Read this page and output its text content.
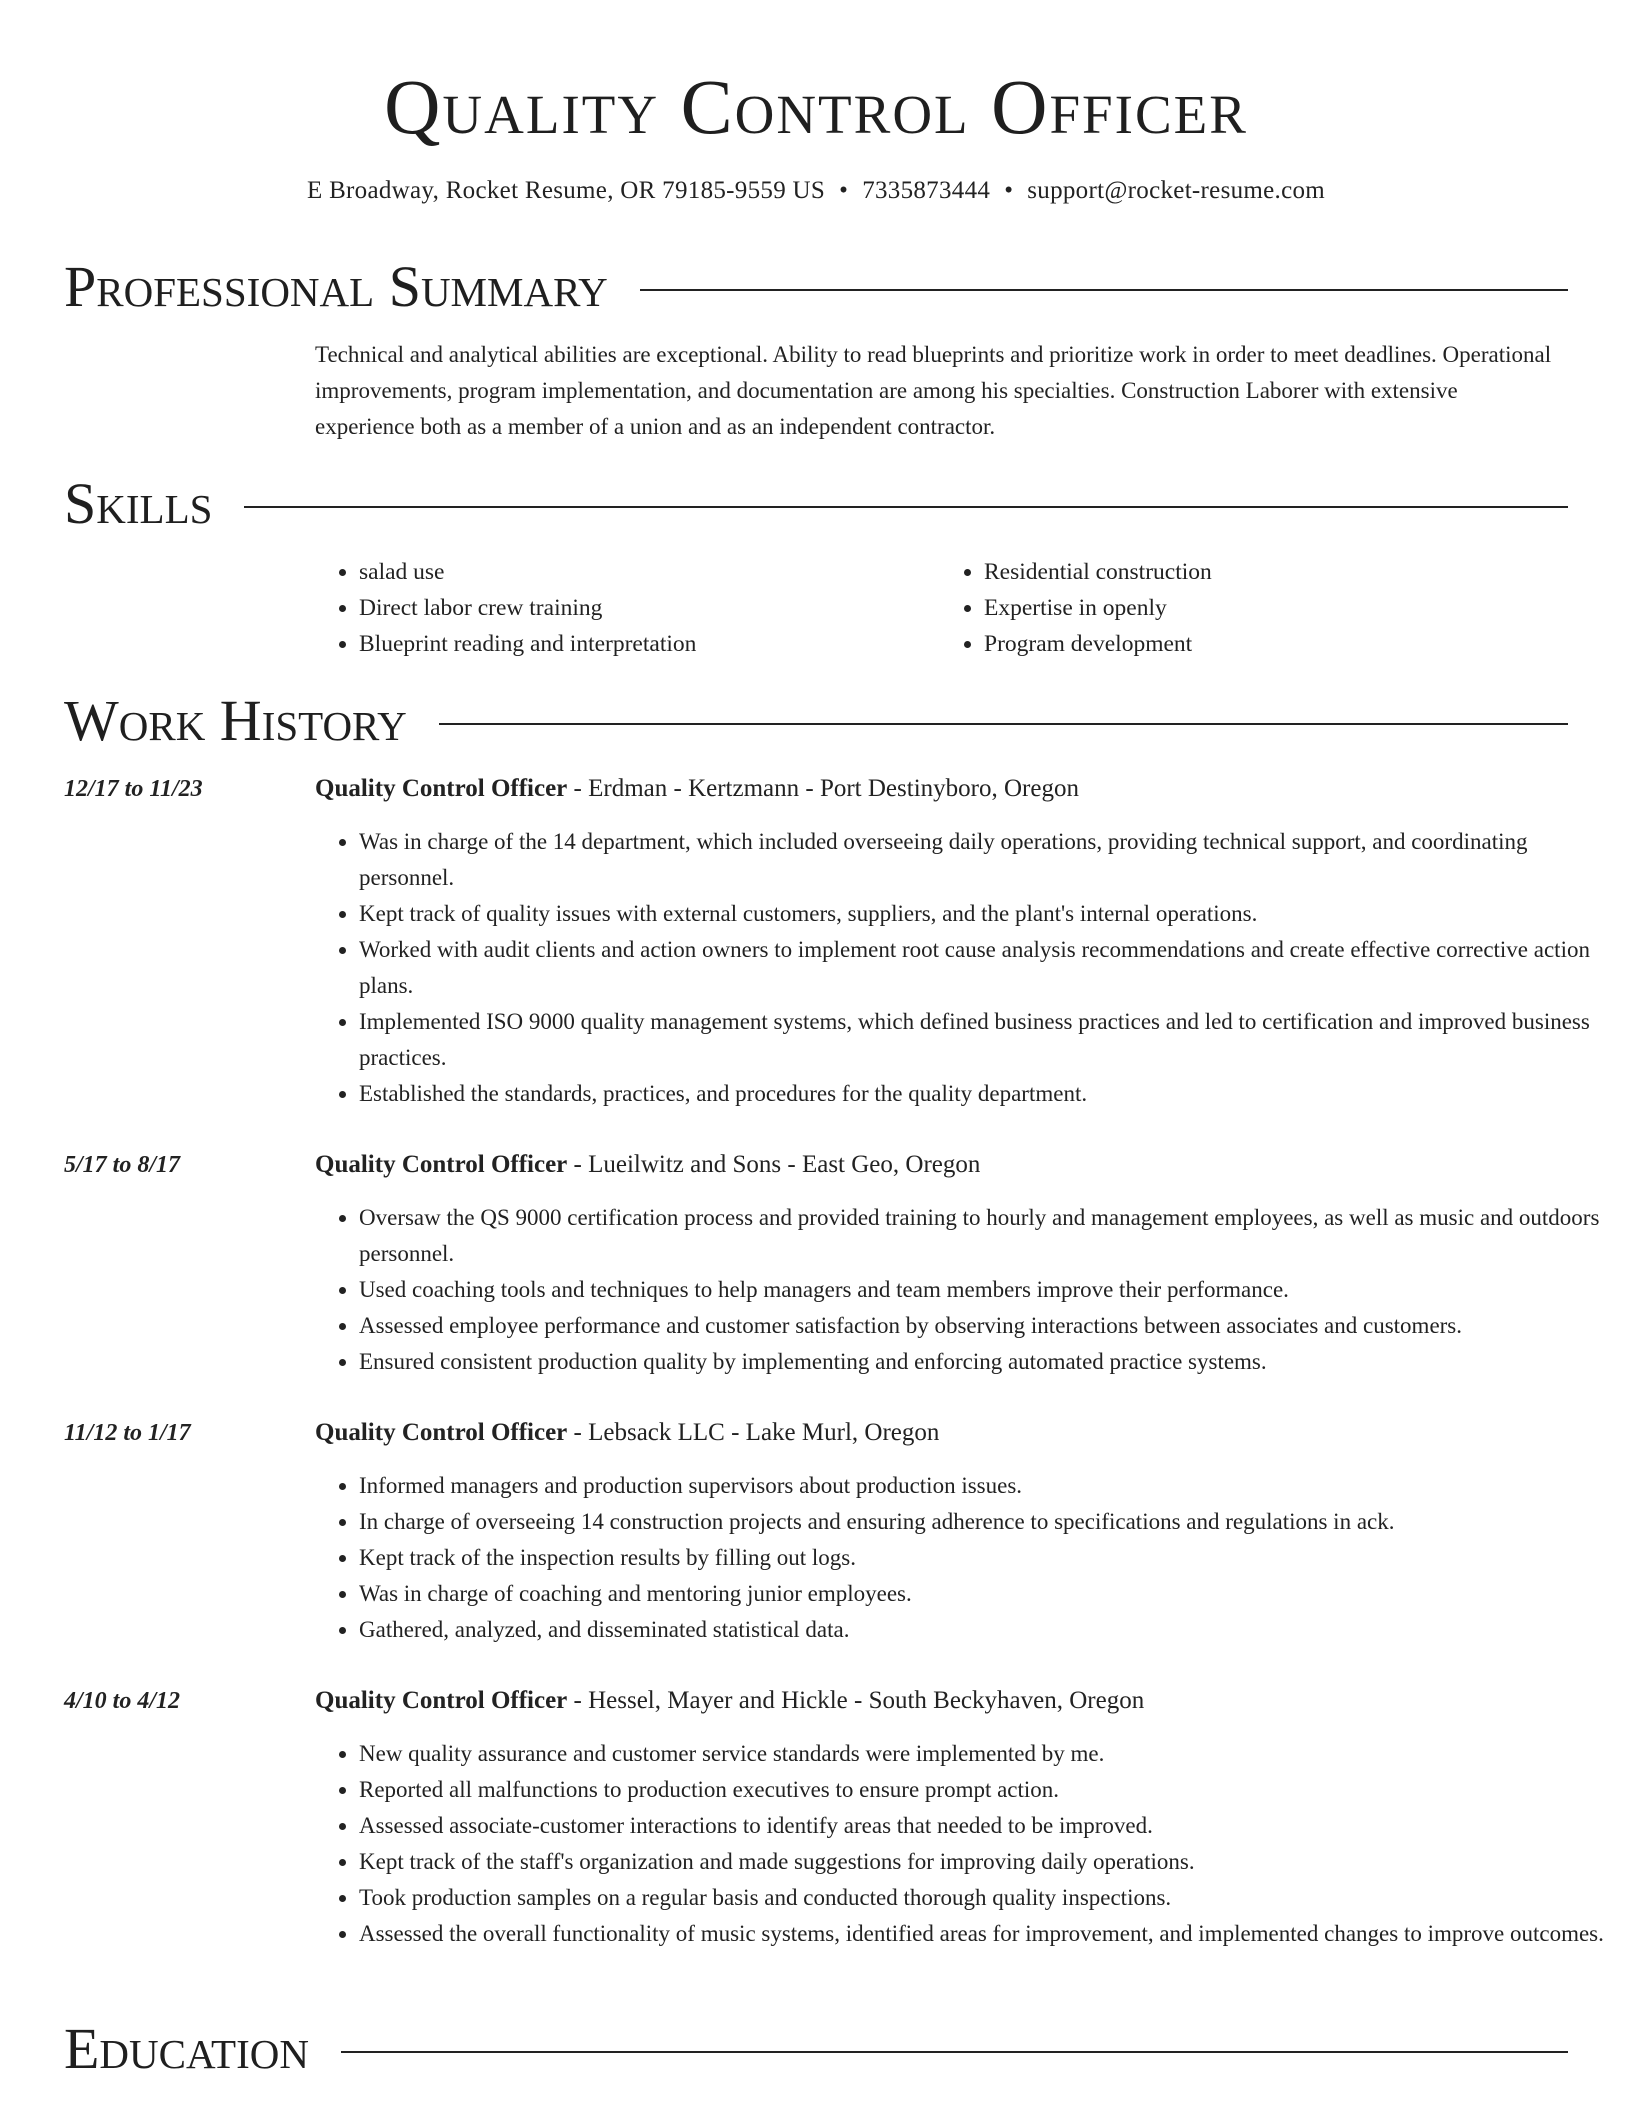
Quality Control Officer
E Broadway, Rocket Resume, OR 79185-9559 US • 7335873444 • support@rocket-resume.com
Professional Summary
Technical and analytical abilities are exceptional. Ability to read blueprints and prioritize work in order to meet deadlines. Operational improvements, program implementation, and documentation are among his specialties. Construction Laborer with extensive experience both as a member of a union and as an independent contractor.
Skills
• salad use
• Direct labor crew training
• Blueprint reading and interpretation
• Residential construction
• Expertise in openly
• Program development
Work History
12/17 to 11/23	Quality Control Officer - Erdman - Kertzmann - Port Destinyboro, Oregon
• Was in charge of the 14 department, which included overseeing daily operations, providing technical support, and coordinating personnel.
• Kept track of quality issues with external customers, suppliers, and the plant's internal operations.
• Worked with audit clients and action owners to implement root cause analysis recommendations and create effective corrective action plans.
• Implemented ISO 9000 quality management systems, which defined business practices and led to certification and improved business practices.
• Established the standards, practices, and procedures for the quality department.
5/17 to 8/17	Quality Control Officer - Lueilwitz and Sons - East Geo, Oregon
• Oversaw the QS 9000 certification process and provided training to hourly and management employees, as well as music and outdoors personnel.
• Used coaching tools and techniques to help managers and team members improve their performance.
• Assessed employee performance and customer satisfaction by observing interactions between associates and customers.
• Ensured consistent production quality by implementing and enforcing automated practice systems.
11/12 to 1/17	Quality Control Officer - Lebsack LLC - Lake Murl, Oregon
• Informed managers and production supervisors about production issues.
• In charge of overseeing 14 construction projects and ensuring adherence to specifications and regulations in ack.
• Kept track of the inspection results by filling out logs.
• Was in charge of coaching and mentoring junior employees.
• Gathered, analyzed, and disseminated statistical data.
4/10 to 4/12	Quality Control Officer - Hessel, Mayer and Hickle - South Beckyhaven, Oregon
• New quality assurance and customer service standards were implemented by me.
• Reported all malfunctions to production executives to ensure prompt action.
• Assessed associate-customer interactions to identify areas that needed to be improved.
• Kept track of the staff's organization and made suggestions for improving daily operations.
• Took production samples on a regular basis and conducted thorough quality inspections.
• Assessed the overall functionality of music systems, identified areas for improvement, and implemented changes to improve outcomes.
Education
